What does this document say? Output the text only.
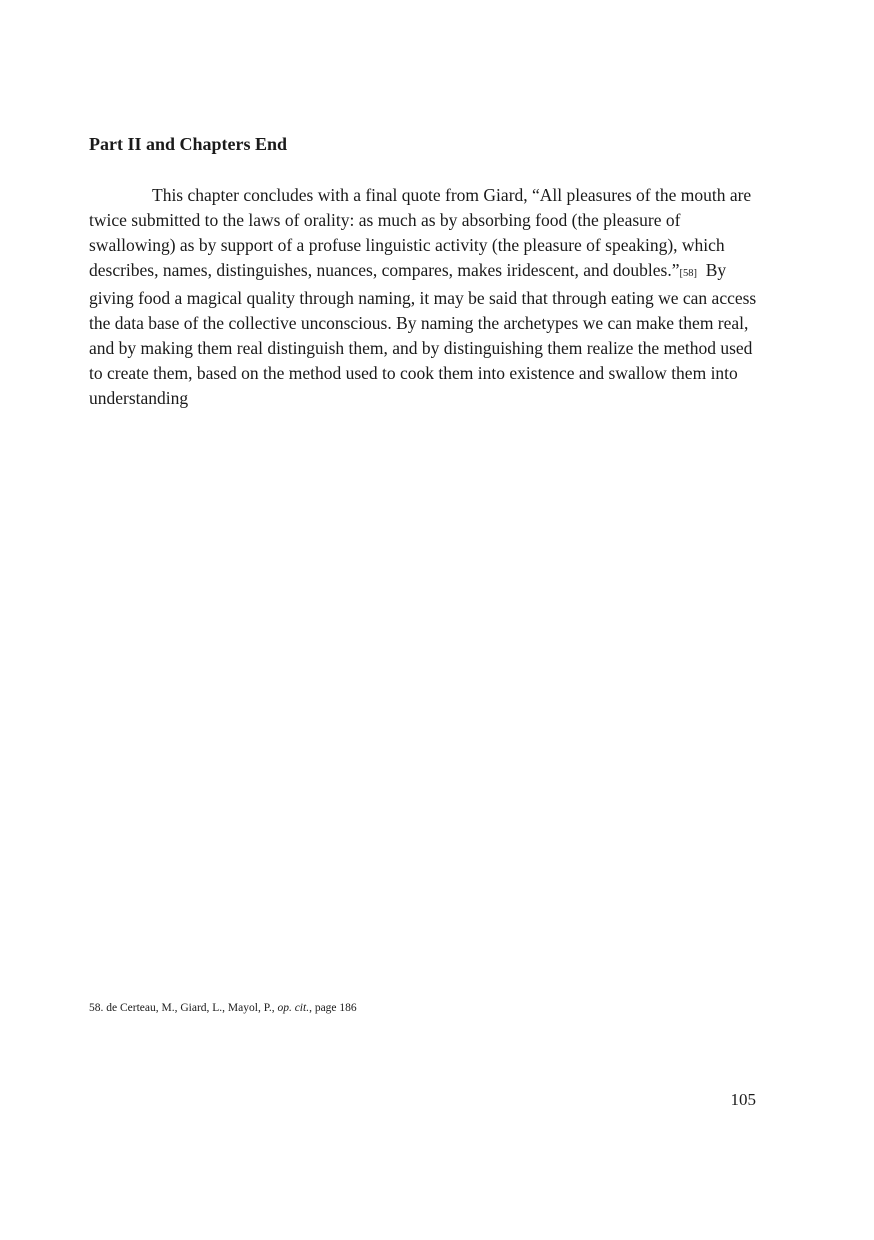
Part II and Chapters End

This chapter concludes with a final quote from Giard, “All pleasures of the mouth are twice submitted to the laws of orality: as much as by absorbing food (the pleasure of swallowing) as by support of a profuse linguistic activity (the pleasure of speaking), which describes, names, distinguishes, nuances, compares, makes iridescent, and doubles.”[58] By giving food a magical quality through naming, it may be said that through eating we can access the data base of the collective unconscious. By naming the archetypes we can make them real, and by making them real distinguish them, and by distinguishing them realize the method used to create them, based on the method used to cook them into existence and swallow them into understanding

58. de Certeau, M., Giard, L., Mayol, P., op. cit., page 186

105
